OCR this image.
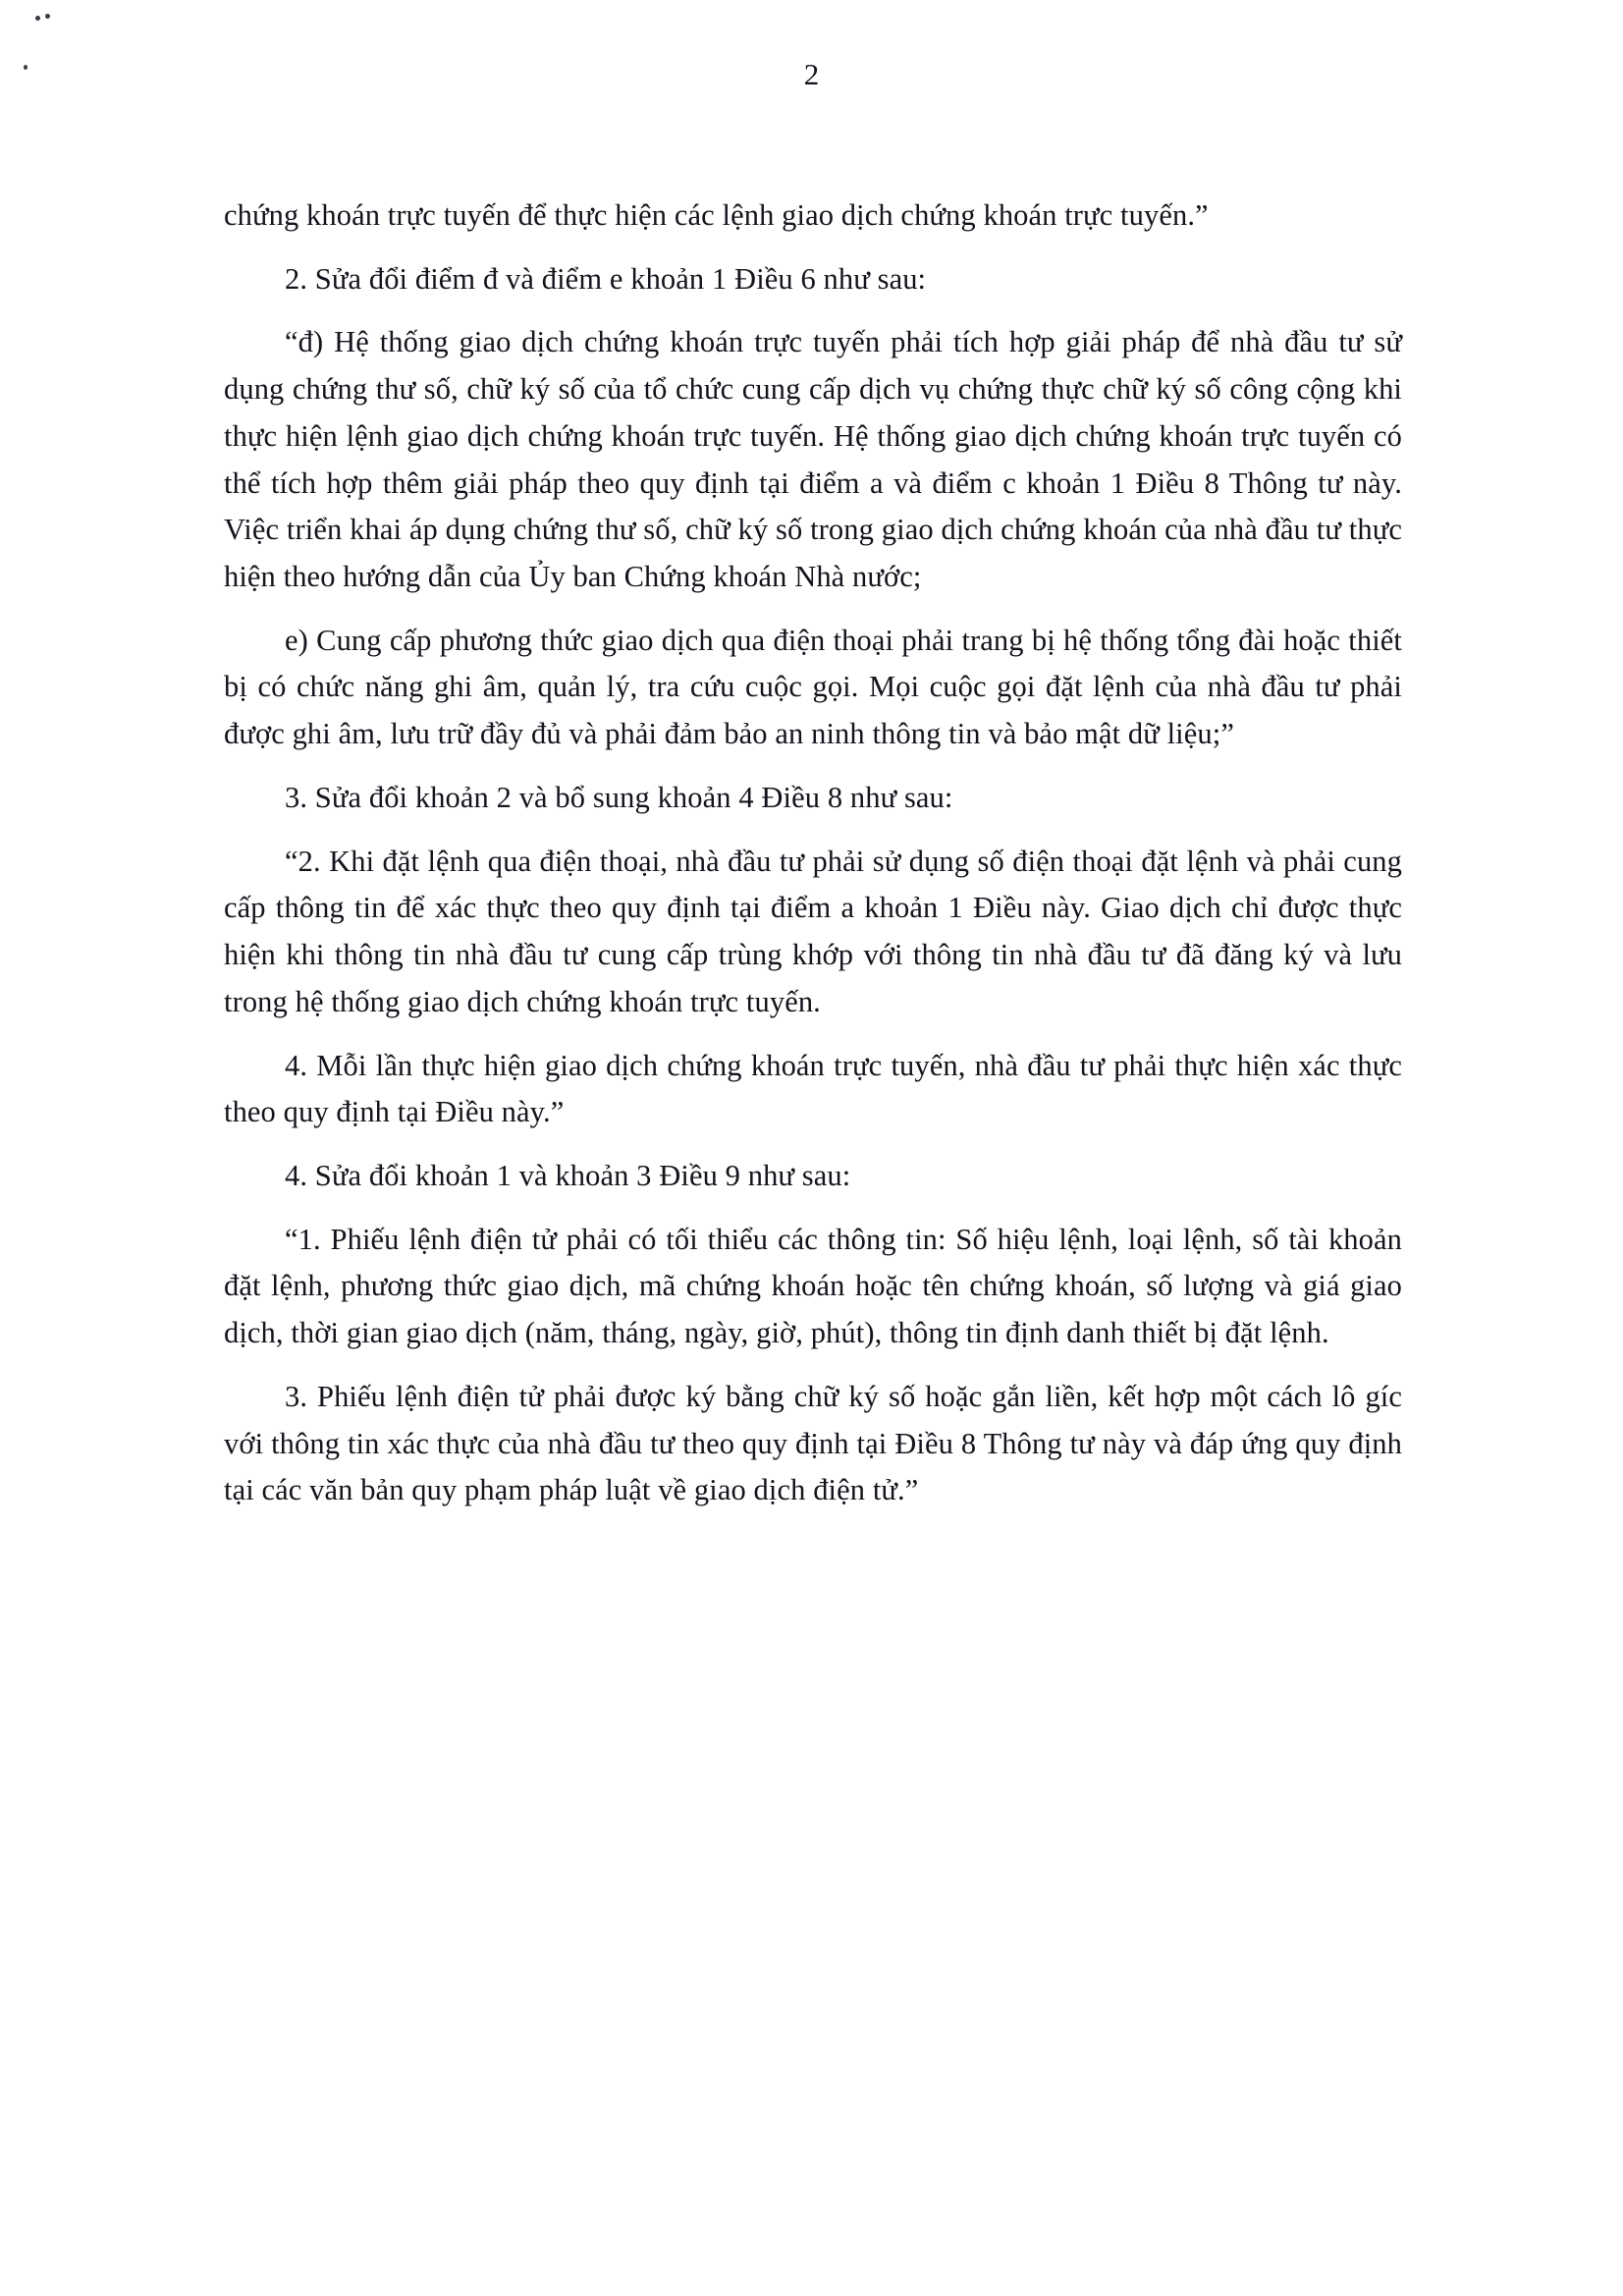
2

chứng khoán trực tuyến để thực hiện các lệnh giao dịch chứng khoán trực tuyến.”

2. Sửa đổi điểm đ và điểm e khoản 1 Điều 6 như sau:

“đ) Hệ thống giao dịch chứng khoán trực tuyến phải tích hợp giải pháp để nhà đầu tư sử dụng chứng thư số, chữ ký số của tổ chức cung cấp dịch vụ chứng thực chữ ký số công cộng khi thực hiện lệnh giao dịch chứng khoán trực tuyến. Hệ thống giao dịch chứng khoán trực tuyến có thể tích hợp thêm giải pháp theo quy định tại điểm a và điểm c khoản 1 Điều 8 Thông tư này. Việc triển khai áp dụng chứng thư số, chữ ký số trong giao dịch chứng khoán của nhà đầu tư thực hiện theo hướng dẫn của Ủy ban Chứng khoán Nhà nước;

e) Cung cấp phương thức giao dịch qua điện thoại phải trang bị hệ thống tổng đài hoặc thiết bị có chức năng ghi âm, quản lý, tra cứu cuộc gọi. Mọi cuộc gọi đặt lệnh của nhà đầu tư phải được ghi âm, lưu trữ đầy đủ và phải đảm bảo an ninh thông tin và bảo mật dữ liệu;”

3. Sửa đổi khoản 2 và bổ sung khoản 4 Điều 8 như sau:

“2. Khi đặt lệnh qua điện thoại, nhà đầu tư phải sử dụng số điện thoại đặt lệnh và phải cung cấp thông tin để xác thực theo quy định tại điểm a khoản 1 Điều này. Giao dịch chỉ được thực hiện khi thông tin nhà đầu tư cung cấp trùng khớp với thông tin nhà đầu tư đã đăng ký và lưu trong hệ thống giao dịch chứng khoán trực tuyến.

4. Mỗi lần thực hiện giao dịch chứng khoán trực tuyến, nhà đầu tư phải thực hiện xác thực theo quy định tại Điều này.”

4. Sửa đổi khoản 1 và khoản 3 Điều 9 như sau:

“1. Phiếu lệnh điện tử phải có tối thiểu các thông tin: Số hiệu lệnh, loại lệnh, số tài khoản đặt lệnh, phương thức giao dịch, mã chứng khoán hoặc tên chứng khoán, số lượng và giá giao dịch, thời gian giao dịch (năm, tháng, ngày, giờ, phút), thông tin định danh thiết bị đặt lệnh.

3. Phiếu lệnh điện tử phải được ký bằng chữ ký số hoặc gắn liền, kết hợp một cách lô gíc với thông tin xác thực của nhà đầu tư theo quy định tại Điều 8 Thông tư này và đáp ứng quy định tại các văn bản quy phạm pháp luật về giao dịch điện tử.”
